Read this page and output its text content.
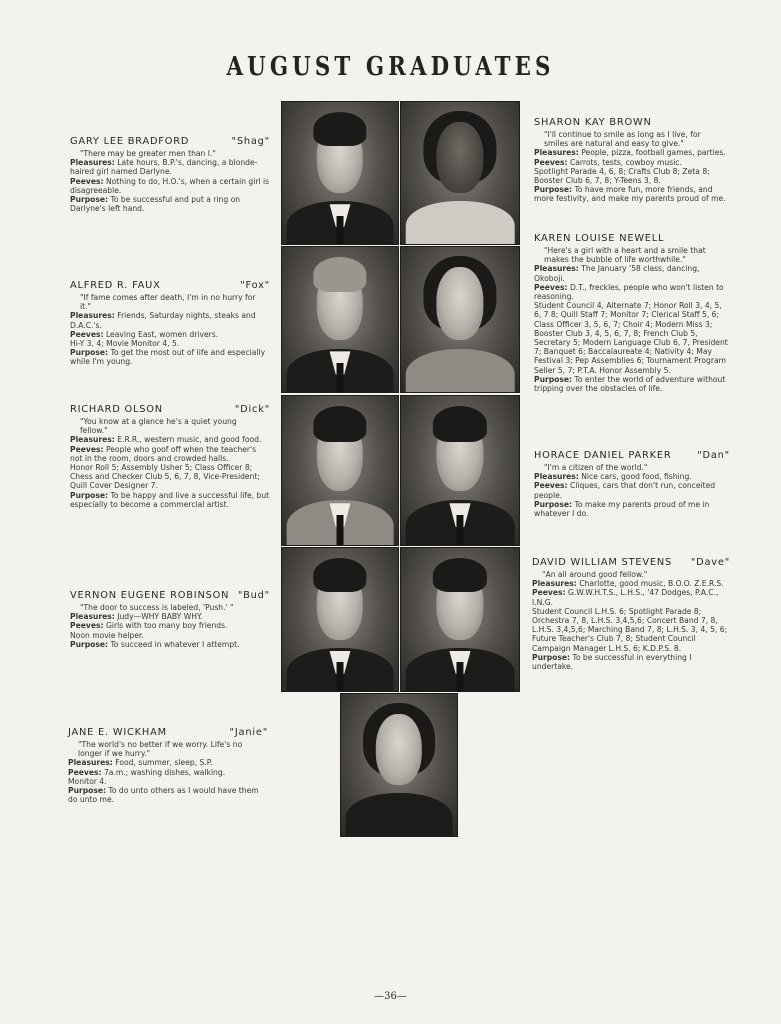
AUGUST GRADUATES
GARY LEE BRADFORD	"Shag"

"There may be greater men than I."

Pleasures: Late hours, B.P.'s, dancing, a blonde-haired girl named Darlyne.

Peeves: Nothing to do, H.O.'s, when a certain girl is disagreeable.

Purpose: To be successful and put a ring on Darlyne's left hand.

ALFRED R. FAUX	"Fox"

"If fame comes after death, I'm in no hurry for it."

Pleasures: Friends, Saturday nights, steaks and D.A.C.'s.

Peeves: Leaving East, women drivers.

Hi-Y 3, 4; Movie Monitor 4, 5.

Purpose: To get the most out of life and especially while I'm young.

RICHARD OLSON	"Dick"

"You know at a glance he's a quiet young fellow."

Pleasures: E.R.R., western music, and good food.

Peeves: People who goof off when the teacher's not in the room, doors and crowded halls.

Honor Roll 5; Assembly Usher 5; Class Officer 8; Chess and Checker Club 5, 6, 7, 8, Vice-President; Quill Cover Designer 7.

Purpose: To be happy and live a successful life, but especially to become a commercial artist.

VERNON EUGENE ROBINSON "Bud"

"The door to success is labeled, 'Push.' "

Pleasures: Judy—WHY BABY WHY.

Peeves: Girls with too many boy friends.

Noon movie helper.

Purpose: To succeed in whatever I attempt.

JANE E. WICKHAM	"Janie"

"The world's no better if we worry. Life's no longer if we hurry."

Pleasures: Food, summer, sleep, S.P.

Peeves: 7a.m.; washing dishes, walking.

Monitor 4.

Purpose: To do unto others as I would have them do unto me.

SHARON KAY BROWN

"I'll continue to smile as long as I live, for smiles are natural and easy to give."

Pleasures: People, pizza, football games, parties.

Peeves: Carrots, tests, cowboy music.

Spotlight Parade 4, 6, 8; Crafts Club 8; Zeta 8; Booster Club 6, 7, 8; Y-Teens 3, 8.

Purpose: To have more fun, more friends, and more festivity, and make my parents proud of me.

KAREN LOUISE NEWELL

"Here's a girl with a heart and a smile that makes the bubble of life worthwhile."

Pleasures: The January '58 class, dancing, Okoboji.

Peeves: D.T., freckles, people who won't listen to reasoning.

Student Council 4, Alternate 7; Honor Roll 3, 4, 5, 6, 7 8; Quill Staff 7; Monitor 7; Clerical Staff 5, 6; Class Officer 3, 5, 6, 7; Choir 4; Modern Miss 3; Booster Club 3, 4, 5, 6, 7, 8; French Club 5, Secretary 5; Modern Language Club 6, 7, President 7; Banquet 6; Baccalaureate 4; Nativity 4; May Festival 3; Pep Assemblies 6; Tournament Program Seller 5, 7; P.T.A. Honor Assembly 5.

Purpose: To enter the world of adventure without tripping over the obstacles of life.

HORACE DANIEL PARKER	"Dan"

"I'm a citizen of the world."

Pleasures: Nice cars, good food, fishing.

Peeves: Cliques, cars that don't run, conceited people.

Purpose: To make my parents proud of me in whatever I do.

DAVID WILLIAM STEVENS "Dave"

"An all around good fellow."

Pleasures: Charlotte, good music, B.O.O. Z.E.R.S.

Peeves: G.W.W.H.T.S., L.H.S., '47 Dodges, P.A.C., I.N.G.

Student Council L.H.S. 6; Spotlight Parade 8; Orchestra 7, 8, L.H.S. 3,4,5,6; Concert Band 7, 8, L.H.S. 3,4,5,6; Marching Band 7, 8; L.H.S. 3, 4, 5, 6; Future Teacher's Club 7, 8; Student Council Campaign Manager L.H.S. 6; K.D.P.S. 8.

Purpose: To be successful in everything I undertake.

—36—
